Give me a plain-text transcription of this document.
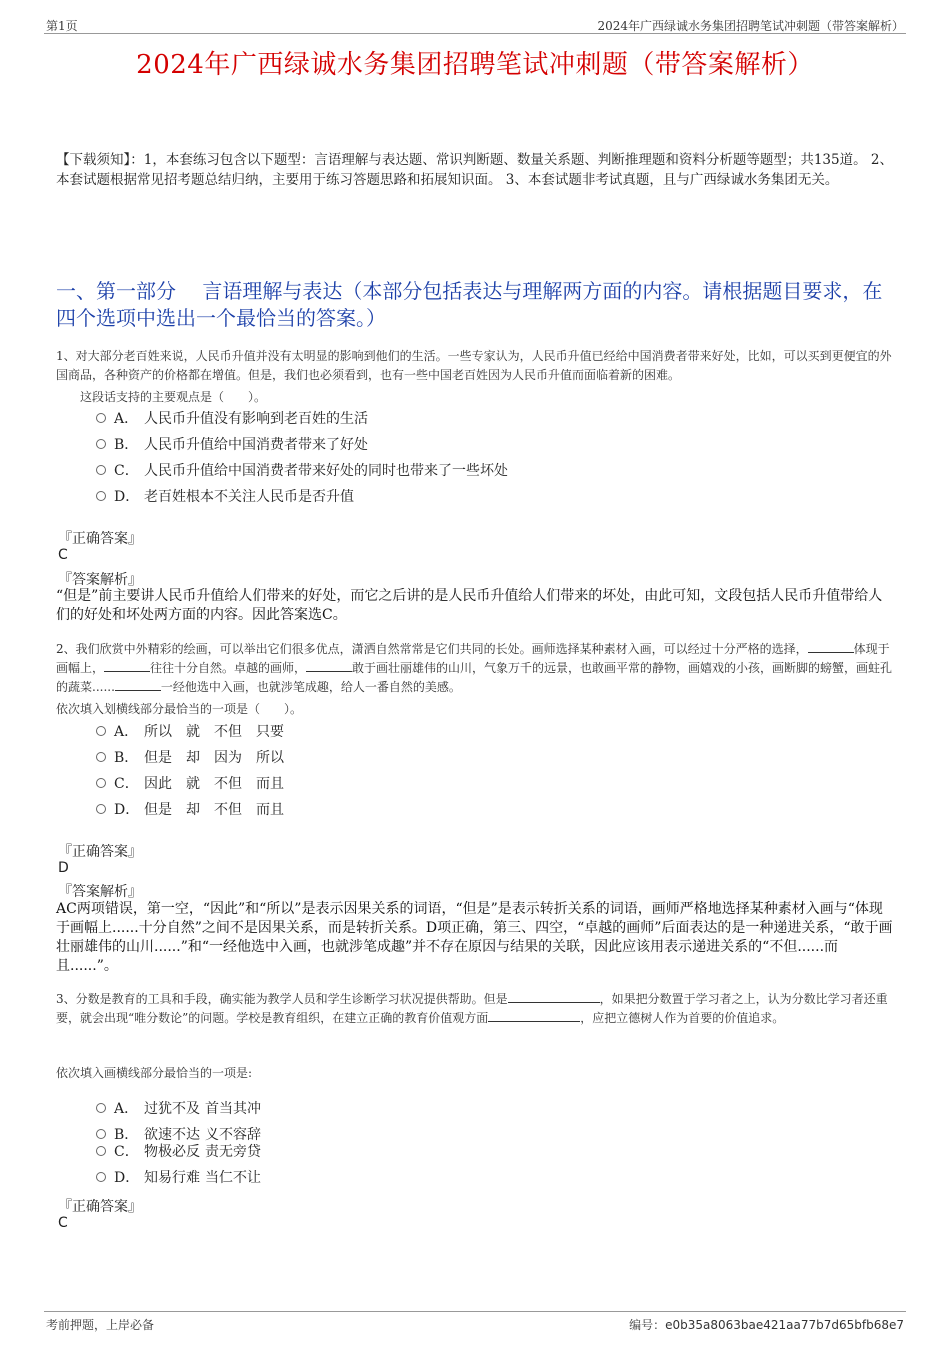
第1页	2024年广西绿诚水务集团招聘笔试冲刺题（带答案解析）
2024年广西绿诚水务集团招聘笔试冲刺题（带答案解析）
【下载须知】：1，本套练习包含以下题型：言语理解与表达题、常识判断题、数量关系题、判断推理题和资料分析题等题型；共135道。 2、本套试题根据常见招考题总结归纳，主要用于练习答题思路和拓展知识面。 3、本套试题非考试真题，且与广西绿诚水务集团无关。
一、第一部分　 言语理解与表达（本部分包括表达与理解两方面的内容。请根据题目要求，在四个选项中选出一个最恰当的答案。）
1、对大部分老百姓来说，人民币升值并没有太明显的影响到他们的生活。一些专家认为，人民币升值已经给中国消费者带来好处，比如，可以买到更便宜的外国商品，各种资产的价格都在增值。但是，我们也必须看到，也有一些中国老百姓因为人民币升值而面临着新的困难。
这段话支持的主要观点是（　　）。
A． 人民币升值没有影响到老百姓的生活
B． 人民币升值给中国消费者带来了好处
C． 人民币升值给中国消费者带来好处的同时也带来了一些坏处
D． 老百姓根本不关注人民币是否升值
『正确答案』
C
『答案解析』
“但是”前主要讲人民币升值给人们带来的好处，而它之后讲的是人民币升值给人们带来的坏处，由此可知，文段包括人民币升值带给人们的好处和坏处两方面的内容。因此答案选C。
2、我们欣赏中外精彩的绘画，可以举出它们很多优点，潇洒自然常常是它们共同的长处。画师选择某种素材入画，可以经过十分严格的选择，	体现于画幅上，	往往十分自然。卓越的画师，	敢于画壮丽雄伟的山川，气象万千的远景，也敢画平常的静物，画嬉戏的小孩，画断脚的螃蟹，画蛀孔的蔬菜......	一经他选中入画，也就涉笔成趣，给人一番自然的美感。
依次填入划横线部分最恰当的一项是（　　）。
A． 所以 就 不但 只要
B． 但是 却 因为 所以
C． 因此 就 不但 而且
D． 但是 却 不但 而且
『正确答案』
D
『答案解析』
AC两项错误，第一空，“因此”和“所以”是表示因果关系的词语，“但是”是表示转折关系的词语，画师严格地选择某种素材入画与“体现于画幅上......十分自然”之间不是因果关系，而是转折关系。D项正确，第三、四空，“卓越的画师”后面表达的是一种递进关系，“敢于画壮丽雄伟的山川......”和“一经他选中入画，也就涉笔成趣”并不存在原因与结果的关联，因此应该用表示递进关系的“不但......而且......”。
3、分数是教育的工具和手段，确实能为教学人员和学生诊断学习状况提供帮助。但是	，如果把分数置于学习者之上，认为分数比学习者还重要，就会出现“唯分数论”的问题。学校是教育组织，在建立正确的教育价值观方面	，应把立德树人作为首要的价值追求。
依次填入画横线部分最恰当的一项是:
A． 过犹不及 首当其冲
B． 欲速不达 义不容辞
C． 物极必反 责无旁贷
D． 知易行难 当仁不让
『正确答案』
C
考前押题，上岸必备	编号：e0b35a8063bae421aa77b7d65bfb68e7
